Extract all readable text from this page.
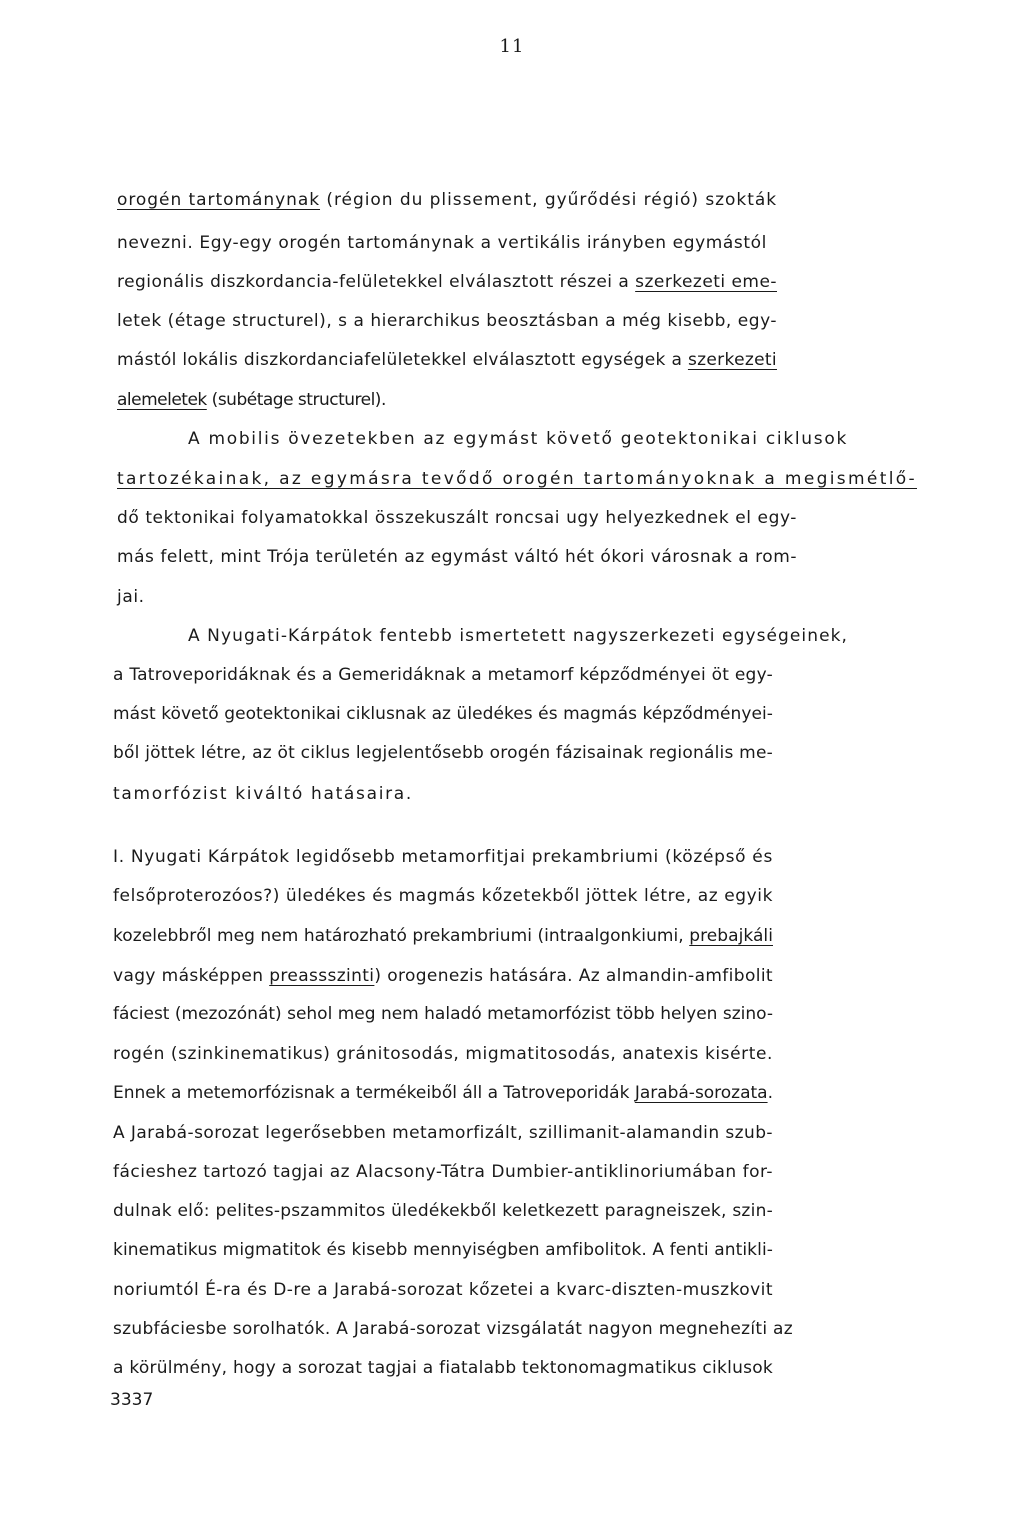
11
orogén tartománynak (région du plissement, gyűrődési régió) szokták
nevezni. Egy-egy orogén tartománynak a vertikális irányben egymástól
regionális diszkordancia-felületekkel elválasztott részei a szerkezeti eme-
letek (étage structurel), s a hierarchikus beosztásban a még kisebb, egy-
mástól lokális diszkordanciafelületekkel elválasztott egységek a szerkezeti
alemeletek (subétage structurel).
A mobilis övezetekben az egymást követő geotektonikai ciklusok
tartozékainak, az egymásra tevődő orogén tartományoknak a megismétlő-
dő tektonikai folyamatokkal összekuszált roncsai ugy helyezkednek el egy-
más felett, mint Trója területén az egymást váltó hét ókori városnak a rom-
jai.
A Nyugati-Kárpátok fentebb ismertetett nagyszerkezeti egységeinek,
a Tatroveporidáknak és a Gemeridáknak a metamorf képződményei öt egy-
mást követő geotektonikai ciklusnak az üledékes és magmás képződményei-
ből jöttek létre, az öt ciklus legjelentősebb orogén fázisainak regionális me-
tamorfózist kiváltó hatásaira.
I. Nyugati Kárpátok legidősebb metamorfitjai prekambriumi (középső és
felsőproterozóos?) üledékes és magmás kőzetekből jöttek létre, az egyik
kozelebbről meg nem határozható prekambriumi (intraalgonkiumi, prebajkáli
vagy másképpen preassszinti) orogenezis hatására. Az almandin-amfibolit
fáciest (mezozónát) sehol meg nem haladó metamorfózist több helyen szino-
rogén (szinkinematikus) gránitosodás, migmatitosodás, anatexis kisérte.
Ennek a metemorfózisnak a termékeiből áll a Tatroveporidák Jarabá-sorozata.
A Jarabá-sorozat legerősebben metamorfizált, szillimanit-alamandin szub-
fácieshez tartozó tagjai az Alacsony-Tátra Dumbier-antiklinoriumában for-
dulnak elő: pelites-pszammitos üledékekből keletkezett paragneiszek, szin-
kinematikus migmatitok és kisebb mennyiségben amfibolitok. A fenti antikli-
noriumtól É-ra és D-re a Jarabá-sorozat kőzetei a kvarc-diszten-muszkovit
szubfáciesbe sorolhatók. A Jarabá-sorozat vizsgálatát nagyon megnehezíti az
a körülmény, hogy a sorozat tagjai a fiatalabb tektonomagmatikus ciklusok
3337
